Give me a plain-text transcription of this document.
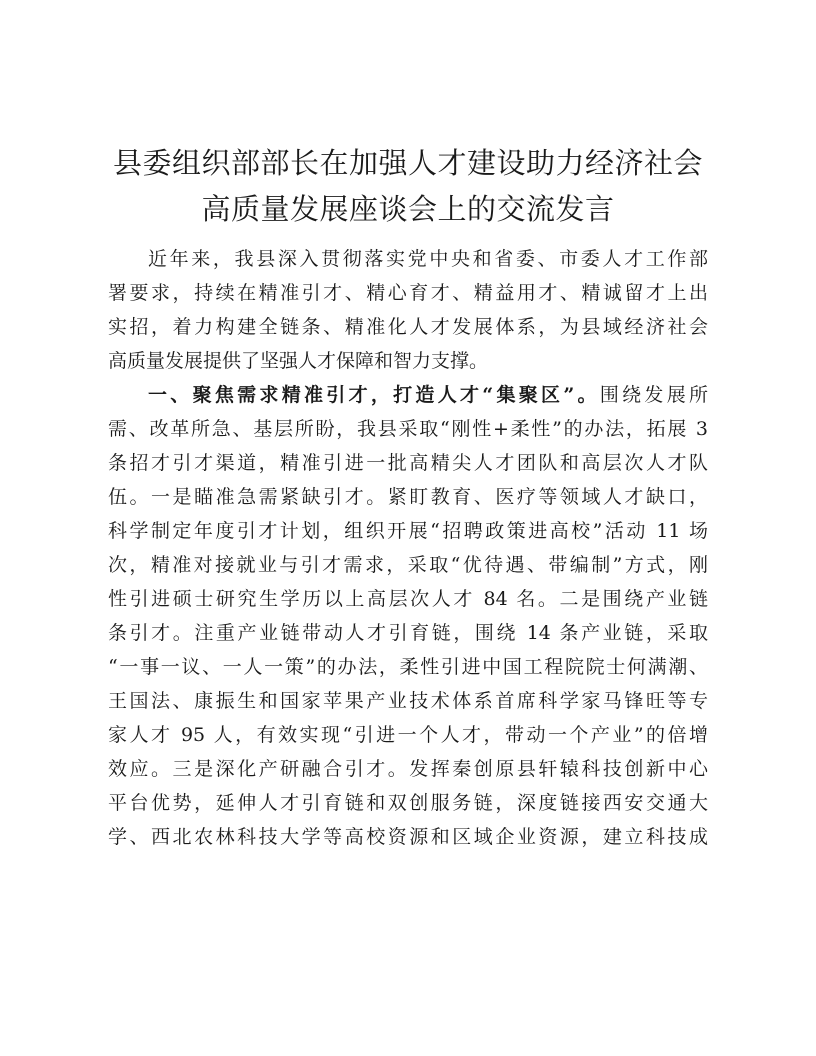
县委组织部部长在加强人才建设助力经济社会
高质量发展座谈会上的交流发言
近年来，我县深入贯彻落实党中央和省委、市委人才工作部
署要求，持续在精准引才、精心育才、精益用才、精诚留才上出
实招，着力构建全链条、精准化人才发展体系，为县域经济社会
高质量发展提供了坚强人才保障和智力支撑。
一、聚焦需求精准引才，打造人才“集聚区”。围绕发展所
需、改革所急、基层所盼，我县采取“刚性+柔性”的办法，拓展 3
条招才引才渠道，精准引进一批高精尖人才团队和高层次人才队
伍。一是瞄准急需紧缺引才。紧盯教育、医疗等领域人才缺口，
科学制定年度引才计划，组织开展“招聘政策进高校”活动 11 场
次，精准对接就业与引才需求，采取“优待遇、带编制”方式，刚
性引进硕士研究生学历以上高层次人才 84 名。二是围绕产业链
条引才。注重产业链带动人才引育链，围绕 14 条产业链，采取
“一事一议、一人一策”的办法，柔性引进中国工程院院士何满潮、
王国法、康振生和国家苹果产业技术体系首席科学家马锋旺等专
家人才 95 人，有效实现“引进一个人才，带动一个产业”的倍增
效应。三是深化产研融合引才。发挥秦创原县轩辕科技创新中心
平台优势，延伸人才引育链和双创服务链，深度链接西安交通大
学、西北农林科技大学等高校资源和区域企业资源，建立科技成
